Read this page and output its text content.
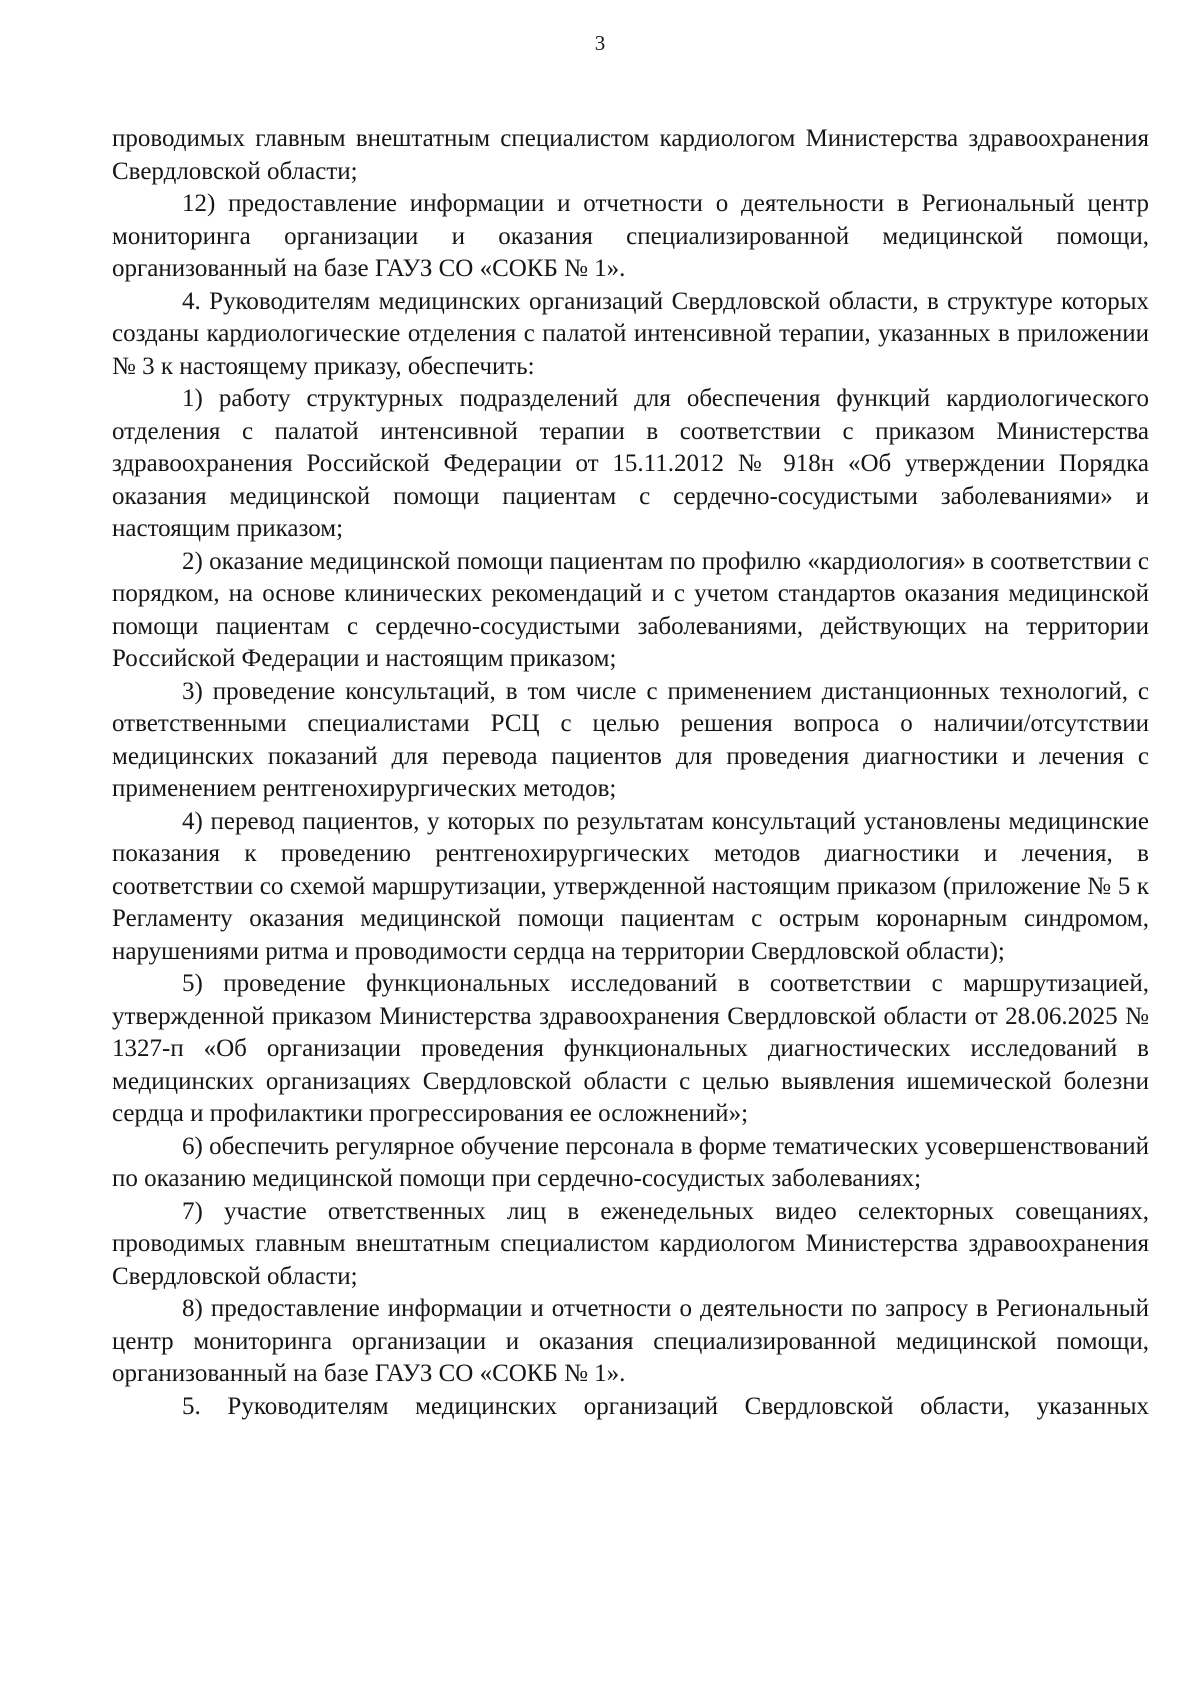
3

проводимых главным внештатным специалистом кардиологом Министерства здравоохранения Свердловской области;

12) предоставление информации и отчетности о деятельности в Региональный центр мониторинга организации и оказания специализированной медицинской помощи, организованный на базе ГАУЗ СО «СОКБ № 1».

4. Руководителям медицинских организаций Свердловской области, в структуре которых созданы кардиологические отделения с палатой интенсивной терапии, указанных в приложении № 3 к настоящему приказу, обеспечить:

1) работу структурных подразделений для обеспечения функций кардиологического отделения с палатой интенсивной терапии в соответствии с приказом Министерства здравоохранения Российской Федерации от 15.11.2012 № 918н «Об утверждении Порядка оказания медицинской помощи пациентам с сердечно-сосудистыми заболеваниями» и настоящим приказом;

2) оказание медицинской помощи пациентам по профилю «кардиология» в соответствии с порядком, на основе клинических рекомендаций и с учетом стандартов оказания медицинской помощи пациентам с сердечно-сосудистыми заболеваниями, действующих на территории Российской Федерации и настоящим приказом;

3) проведение консультаций, в том числе с применением дистанционных технологий, с ответственными специалистами РСЦ с целью решения вопроса о наличии/отсутствии медицинских показаний для перевода пациентов для проведения диагностики и лечения с применением рентгенохирургических методов;

4) перевод пациентов, у которых по результатам консультаций установлены медицинские показания к проведению рентгенохирургических методов диагностики и лечения, в соответствии со схемой маршрутизации, утвержденной настоящим приказом (приложение № 5 к Регламенту оказания медицинской помощи пациентам с острым коронарным синдромом, нарушениями ритма и проводимости сердца на территории Свердловской области);

5) проведение функциональных исследований в соответствии с маршрутизацией, утвержденной приказом Министерства здравоохранения Свердловской области от 28.06.2025 № 1327-п «Об организации проведения функциональных диагностических исследований в медицинских организациях Свердловской области с целью выявления ишемической болезни сердца и профилактики прогрессирования ее осложнений»;

6) обеспечить регулярное обучение персонала в форме тематических усовершенствований по оказанию медицинской помощи при сердечно-сосудистых заболеваниях;

7) участие ответственных лиц в еженедельных видео селекторных совещаниях, проводимых главным внештатным специалистом кардиологом Министерства здравоохранения Свердловской области;

8) предоставление информации и отчетности о деятельности по запросу в Региональный центр мониторинга организации и оказания специализированной медицинской помощи, организованный на базе ГАУЗ СО «СОКБ № 1».

5. Руководителям медицинских организаций Свердловской области, указанных
